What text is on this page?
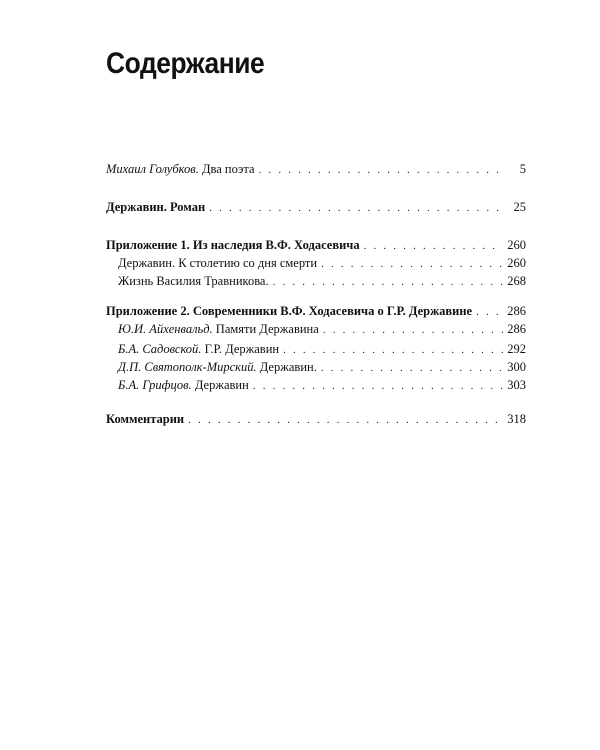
Содержание
Михаил Голубков. Два поэта . . .	5
Державин. Роман . . .	25
Приложение 1. Из наследия В.Ф. Ходасевича . . .	260
Державин. К столетию со дня смерти . . .	260
Жизнь Василия Травникова. . . .	268
Приложение 2. Современники В.Ф. Ходасевича о Г.Р. Державине . . .	286
Ю.И. Айхенвальд. Памяти Державина . . .	286
Б.А. Садовской. Г.Р. Державин . . .	292
Д.П. Святополк-Мирский. Державин. . . .	300
Б.А. Грифцов. Державин . . .	303
Комментарии . . .	318
